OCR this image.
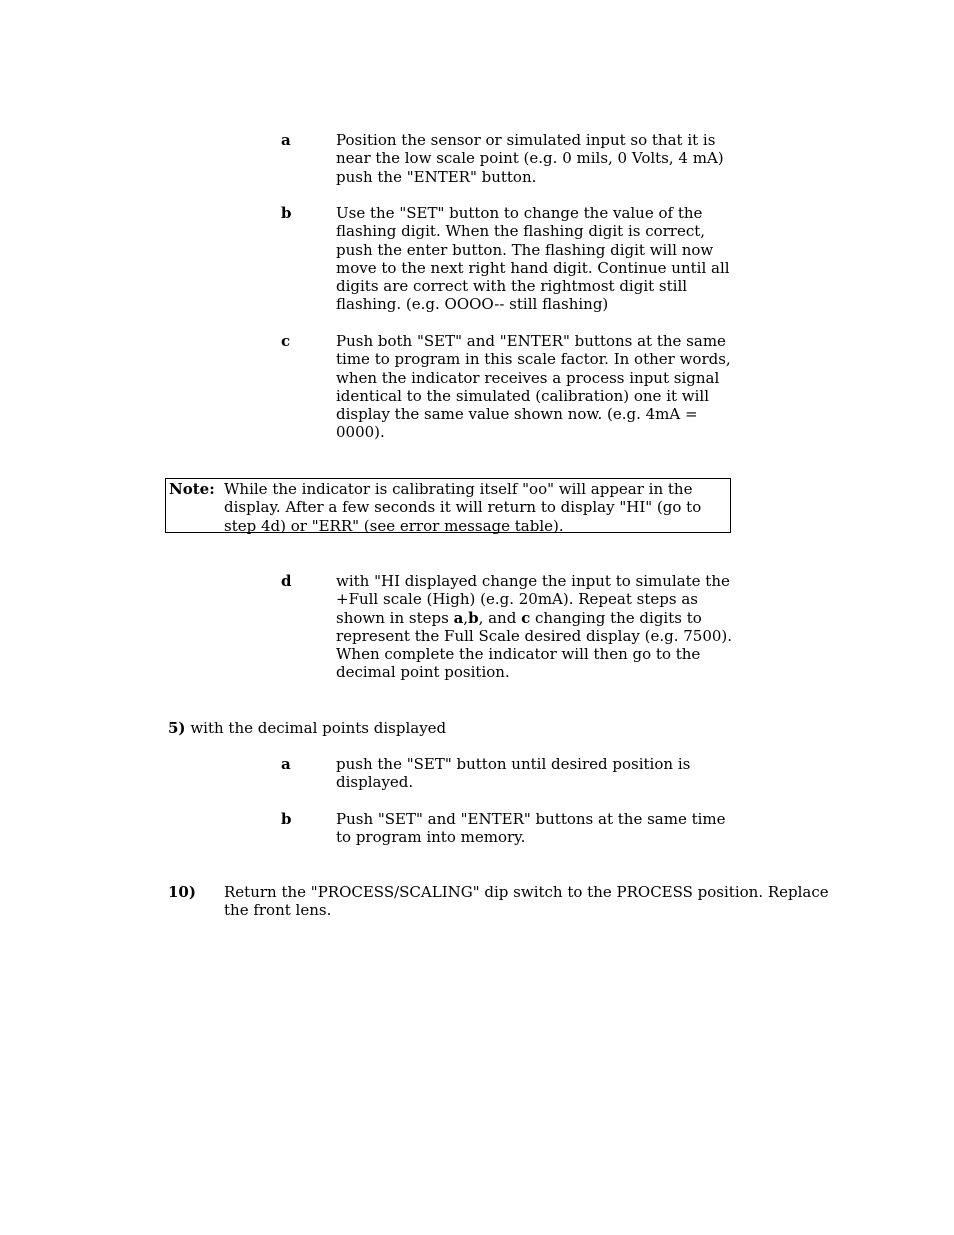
a	Position the sensor or simulated input so that it is near the low scale point (e.g. 0 mils, 0 Volts, 4 mA) push the "ENTER" button.
b	Use the "SET" button to change the value of the flashing digit. When the flashing digit is correct, push the enter button. The flashing digit will now move to the next right hand digit. Continue until all digits are correct with the rightmost digit still flashing. (e.g. OOOO-- still flashing)
c	Push both "SET" and "ENTER" buttons at the same time to program in this scale factor. In other words, when the indicator receives a process input signal identical to the simulated (calibration) one it will display the same value shown now. (e.g. 4mA = 0000).
Note: While the indicator is calibrating itself "oo" will appear in the display. After a few seconds it will return to display "HI" (go to step 4d) or "ERR" (see error message table).
d	with "HI displayed change the input to simulate the +Full scale (High) (e.g. 20mA). Repeat steps as shown in steps a,b, and c changing the digits to represent the Full Scale desired display (e.g. 7500). When complete the indicator will then go to the decimal point position.
5) with the decimal points displayed
a	push the "SET" button until desired position is displayed.
b	Push "SET" and "ENTER" buttons at the same time to program into memory.
10)	Return the "PROCESS/SCALING" dip switch to the PROCESS position. Replace the front lens.
